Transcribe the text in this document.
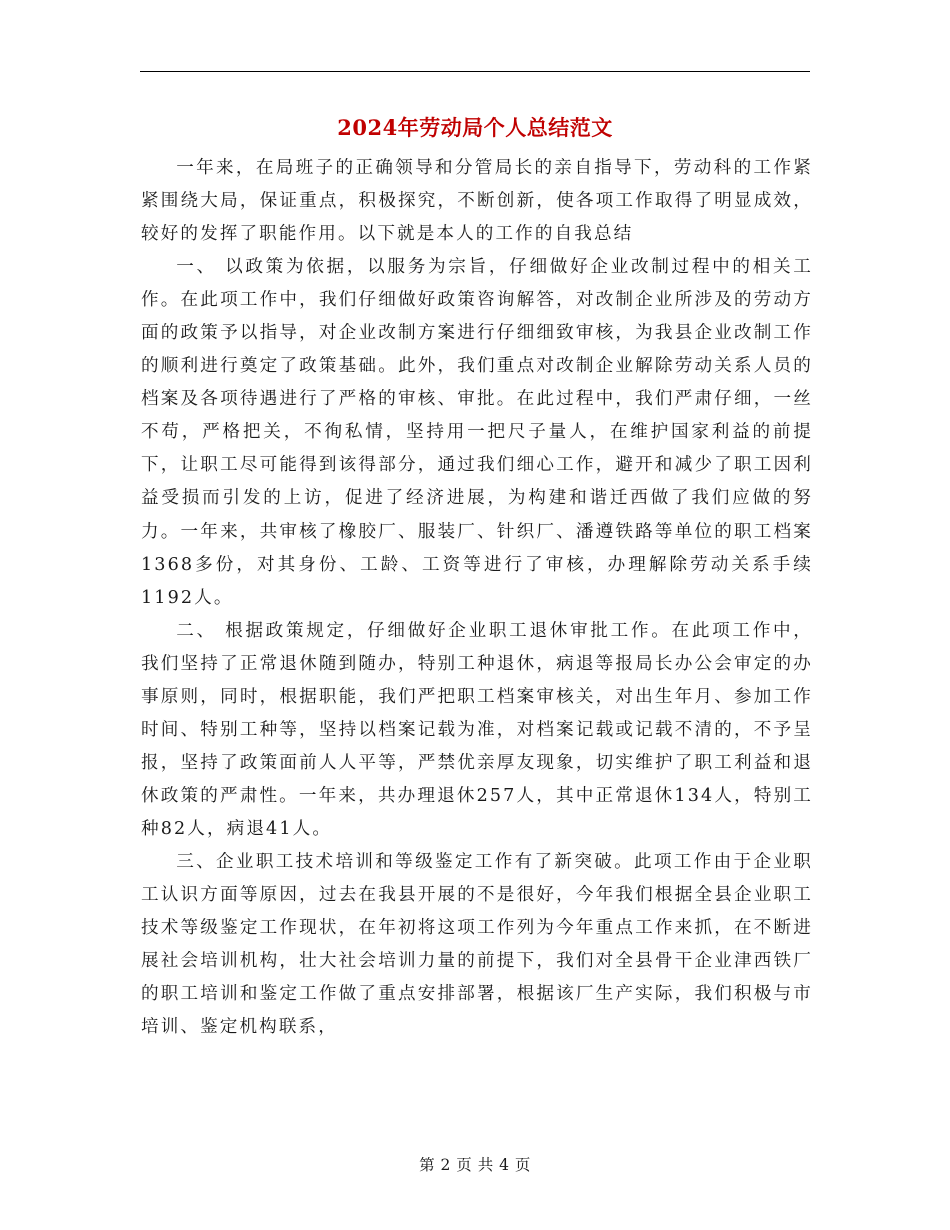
2024年劳动局个人总结范文

一年来，在局班子的正确领导和分管局长的亲自指导下，劳动科的工作紧紧围绕大局，保证重点，积极探究，不断创新，使各项工作取得了明显成效，较好的发挥了职能作用。以下就是本人的工作的自我总结

一、 以政策为依据，以服务为宗旨，仔细做好企业改制过程中的相关工作。在此项工作中，我们仔细做好政策咨询解答，对改制企业所涉及的劳动方面的政策予以指导，对企业改制方案进行仔细细致审核，为我县企业改制工作的顺利进行奠定了政策基础。此外，我们重点对改制企业解除劳动关系人员的档案及各项待遇进行了严格的审核、审批。在此过程中，我们严肃仔细，一丝不苟，严格把关，不徇私情，坚持用一把尺子量人，在维护国家利益的前提下，让职工尽可能得到该得部分，通过我们细心工作，避开和减少了职工因利益受损而引发的上访，促进了经济进展，为构建和谐迁西做了我们应做的努力。一年来，共审核了橡胶厂、服装厂、针织厂、潘遵铁路等单位的职工档案1368多份，对其身份、工龄、工资等进行了审核，办理解除劳动关系手续1192人。

二、 根据政策规定，仔细做好企业职工退休审批工作。在此项工作中，我们坚持了正常退休随到随办，特别工种退休，病退等报局长办公会审定的办事原则，同时，根据职能，我们严把职工档案审核关，对出生年月、参加工作时间、特别工种等，坚持以档案记载为准，对档案记载或记载不清的，不予呈报，坚持了政策面前人人平等，严禁优亲厚友现象，切实维护了职工利益和退休政策的严肃性。一年来，共办理退休257人，其中正常退休134人，特别工种82人，病退41人。

三、企业职工技术培训和等级鉴定工作有了新突破。此项工作由于企业职工认识方面等原因，过去在我县开展的不是很好，今年我们根据全县企业职工技术等级鉴定工作现状，在年初将这项工作列为今年重点工作来抓，在不断进展社会培训机构，壮大社会培训力量的前提下，我们对全县骨干企业津西铁厂的职工培训和鉴定工作做了重点安排部署，根据该厂生产实际，我们积极与市培训、鉴定机构联系，

第 2 页 共 4 页
